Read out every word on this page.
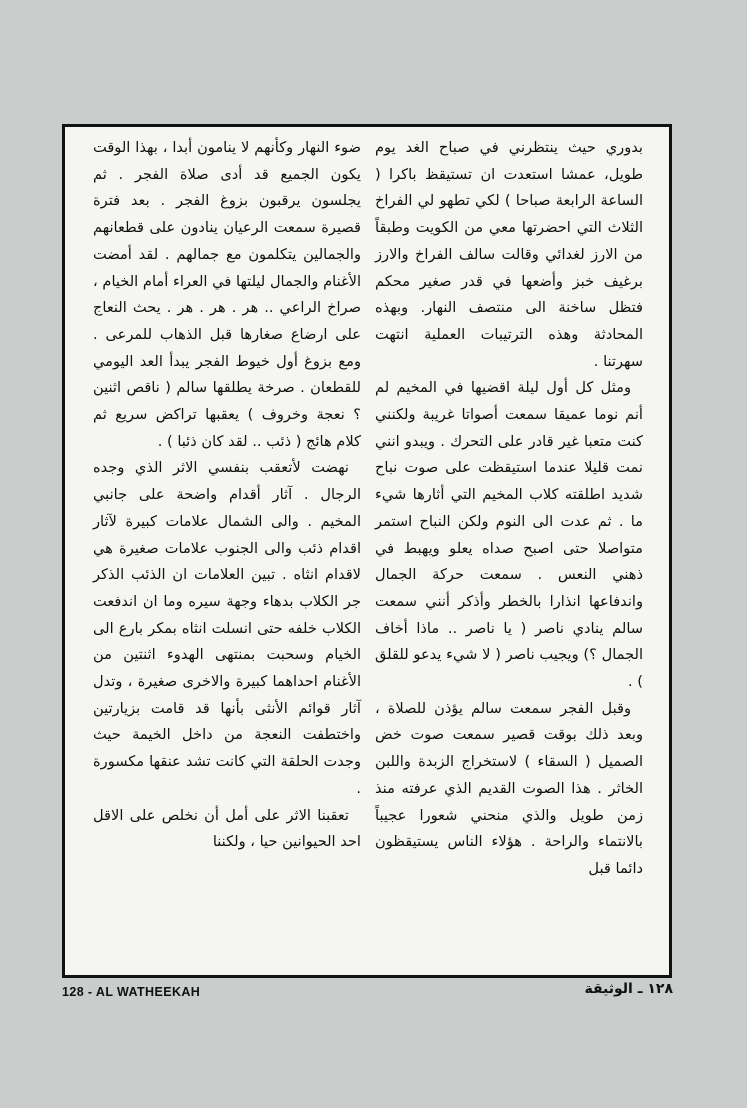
بدوري حيث ينتظرني في صباح الغد يوم طويل، عمشا استعدت ان تستيقظ باكرا ( الساعة الرابعة صباحا ) لكي تطهو لي الفراخ الثلاث التي احضرتها معي من الكويت وطبقاً من الارز لغدائي وقالت سالف الفراخ والارز برغيف خبز وأضعها في قدر صغير محكم فتظل ساخنة الى منتصف النهار. وبهذه المحادثة وهذه الترتيبات العملية انتهت سهرتنا .

ومثل كل أول ليلة اقضيها في المخيم لم أنم نوما عميقا سمعت أصواتا غريبة ولكنني كنت متعبا غير قادر على التحرك . ويبدو انني نمت قليلا عندما استيقظت على صوت نباح شديد اطلقته كلاب المخيم التي أثارها شيء ما . ثم عدت الى النوم ولكن النباح استمر متواصلا حتى اصبح صداه يعلو ويهبط في ذهني النعس . سمعت حركة الجمال واندفاعها انذارا بالخطر وأذكر أنني سمعت سالم ينادي ناصر ( يا ناصر .. ماذا أخاف الجمال ؟) ويجيب ناصر ( لا شيء يدعو للقلق ) .

وقبل الفجر سمعت سالم يؤذن للصلاة ، وبعد ذلك بوقت قصير سمعت صوت خض الصميل ( السقاء ) لاستخراج الزبدة واللبن الخاثر . هذا الصوت القديم الذي عرفته منذ زمن طويل والذي منحني شعورا عجيباً بالانتماء والراحة . هؤلاء الناس يستيقظون دائما قبل

ضوء النهار وكأنهم لا ينامون أبدا ، بهذا الوقت يكون الجميع قد أدى صلاة الفجر . ثم يجلسون يرقبون بزوغ الفجر . بعد فترة قصيرة سمعت الرعيان ينادون على قطعانهم والجمالين يتكلمون مع جمالهم . لقد أمضت الأغنام والجمال ليلتها في العراء أمام الخيام ، صراخ الراعي .. هر . هر . هر . يحث النعاج على ارضاع صغارها قبل الذهاب للمرعى . ومع بزوغ أول خيوط الفجر يبدأ العد اليومي للقطعان . صرخة يطلقها سالم ( ناقص اثنين ؟ نعجة وخروف ) يعقبها تراكض سريع ثم كلام هائج ( ذئب .. لقد كان ذئبا ) .

نهضت لأتعقب بنفسي الاثر الذي وجده الرجال . آثار أقدام واضحة على جانبي المخيم . والى الشمال علامات كبيرة لآثار اقدام ذئب والى الجنوب علامات صغيرة هي لاقدام انثاه . تبين العلامات ان الذئب الذكر جر الكلاب بدهاء وجهة سيره وما ان اندفعت الكلاب خلفه حتى انسلت انثاه بمكر بارع الى الخيام وسحبت بمنتهى الهدوء اثنتين من الأغنام احداهما كبيرة والاخرى صغيرة ، وتدل آثار قوائم الأنثى بأنها قد قامت بزيارتين واختطفت النعجة من داخل الخيمة حيث وجدت الحلقة التي كانت تشد عنقها مكسورة .

تعقبنا الاثر على أمل أن نخلص على الاقل احد الحيوانين حيا ، ولكننا

128 - AL WATHEEKAH	١٢٨ ـ الوثيقة
